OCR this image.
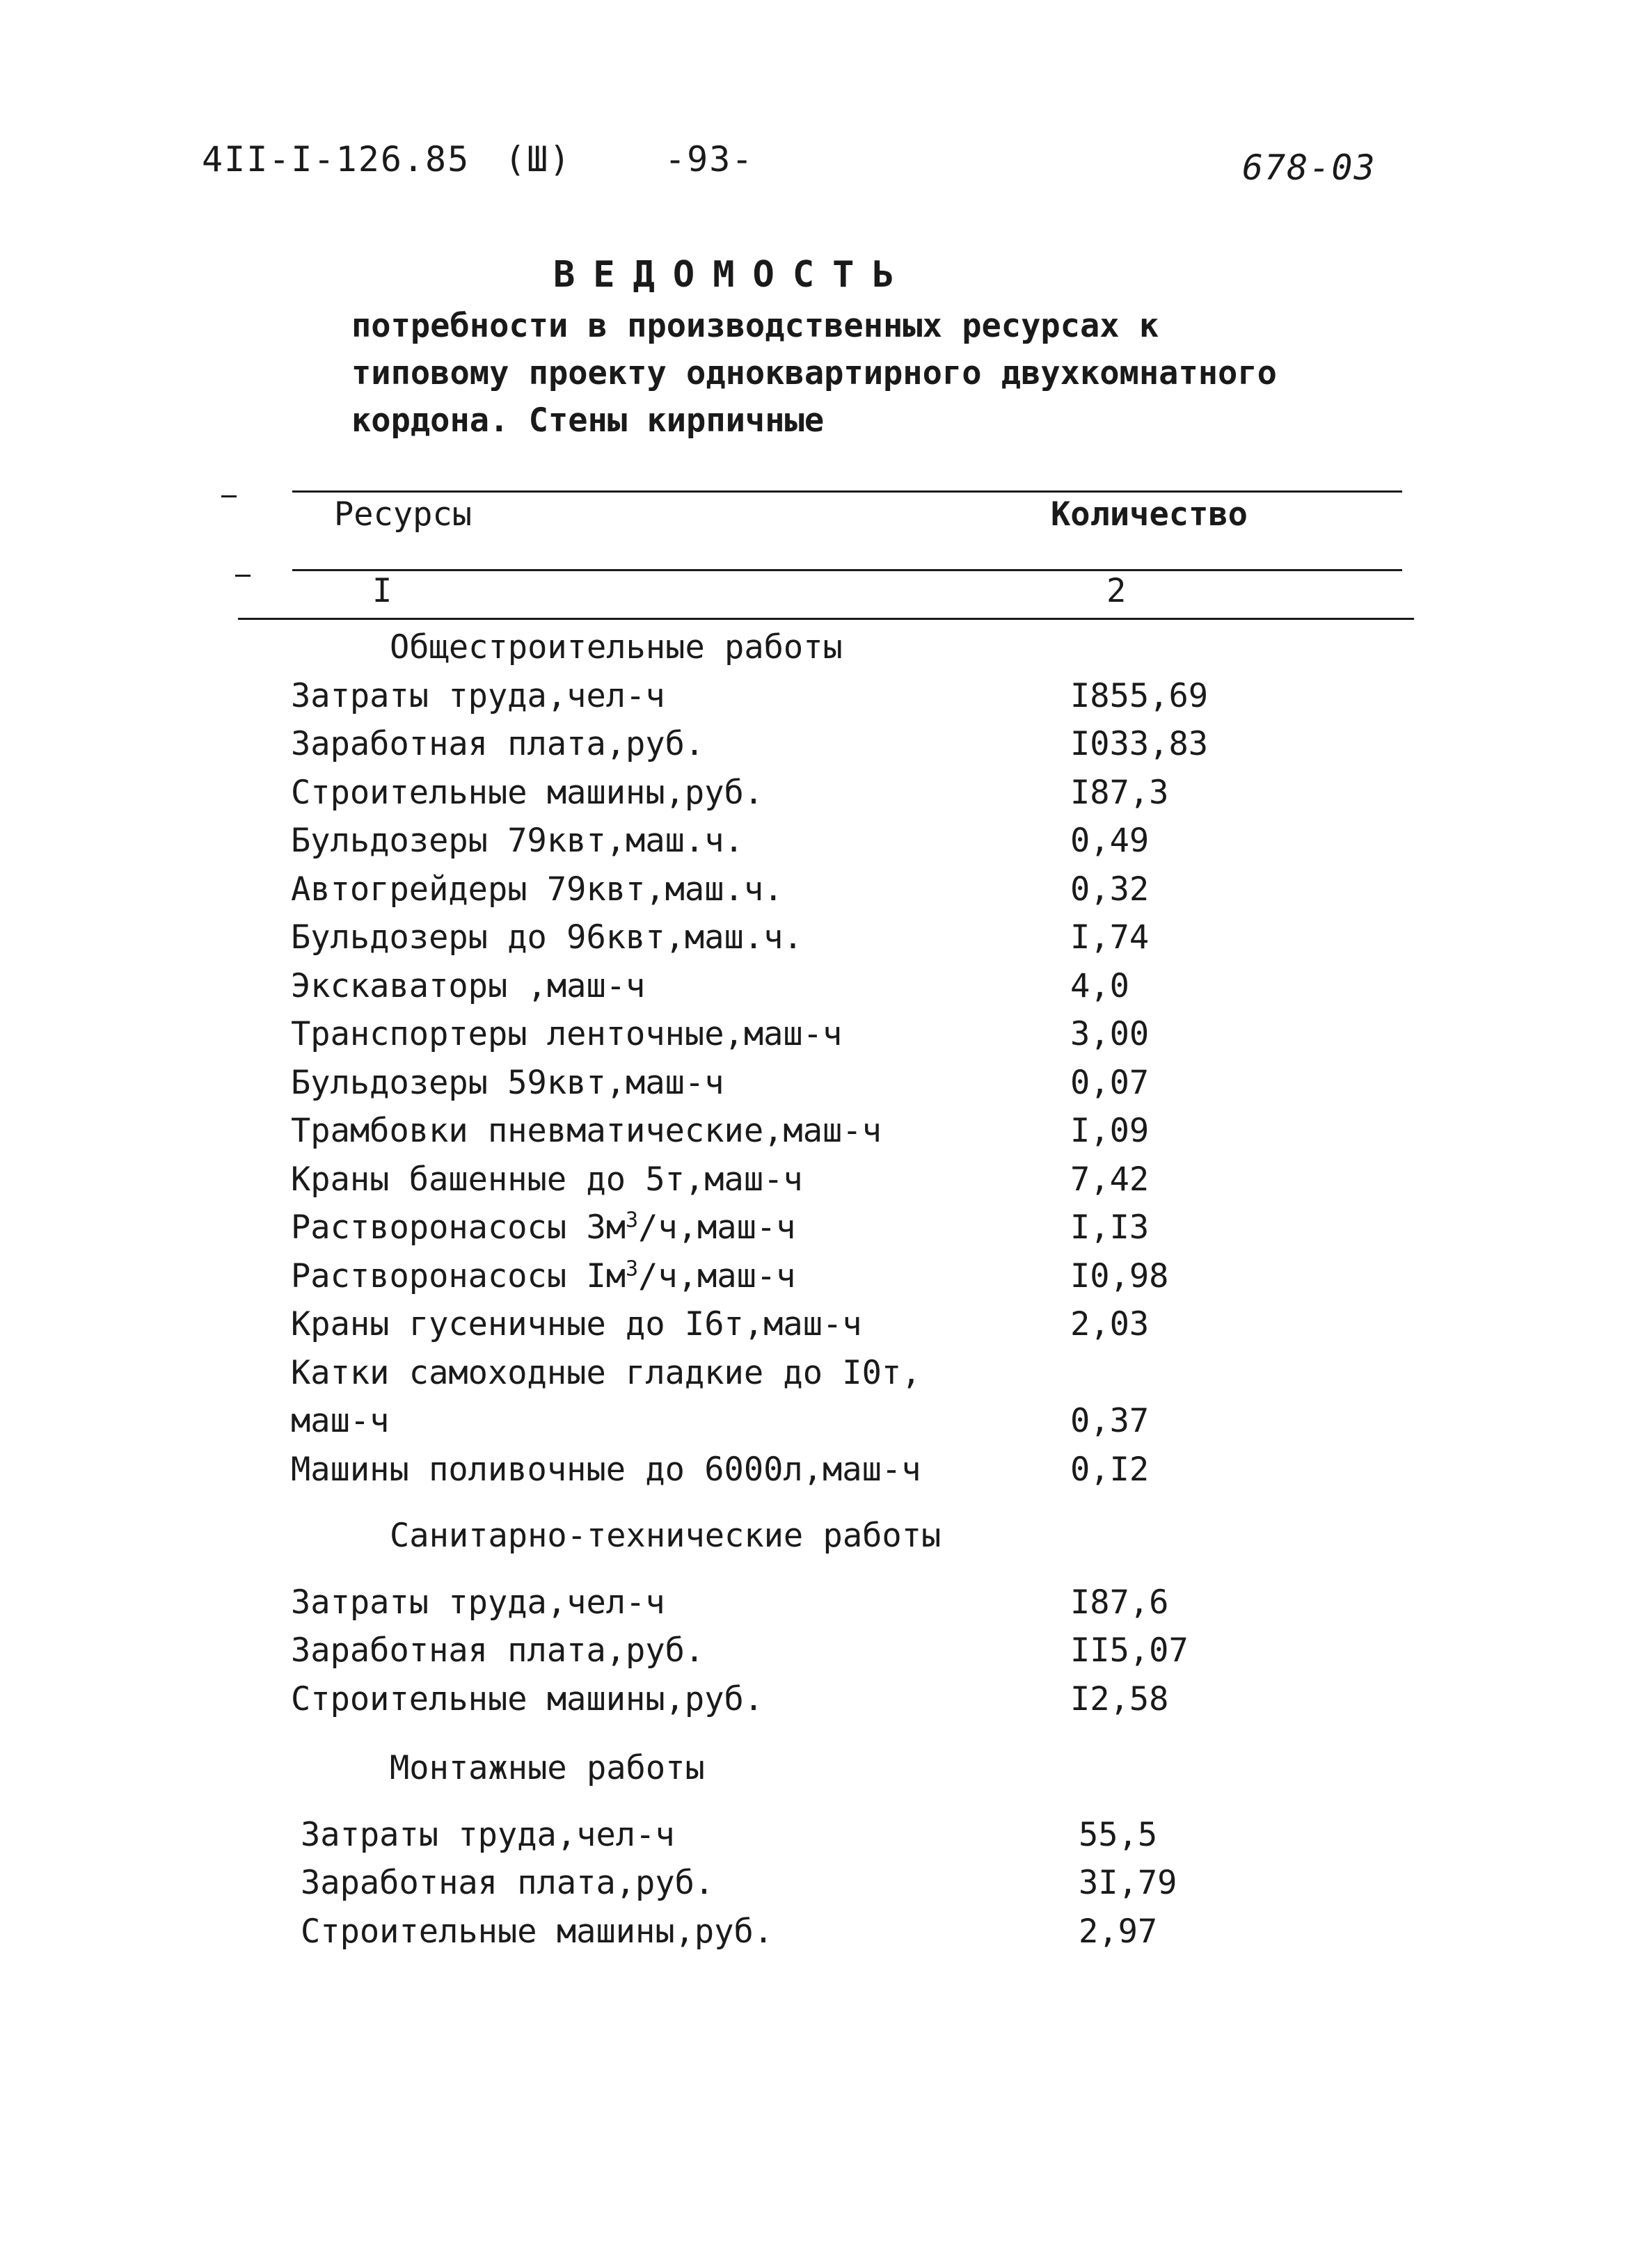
4II-I-126.85 (Ш)	-93-	678-03
ВЕДОМОСТЬ
потребности в производственных ресурсах к
типовому проекту одноквартирного двухкомнатного
кордона. Стены кирпичные
Ресурсы	Количество
I	2
Общестроительные работы
Затраты труда,чел-ч	I855,69
Заработная плата,руб.	I033,83
Строительные машины,руб.	I87,3
Бульдозеры 79квт,маш.ч.	0,49
Автогрейдеры 79квт,маш.ч.	0,32
Бульдозеры до 96квт,маш.ч.	I,74
Экскаваторы ,маш-ч	4,0
Транспортеры ленточные,маш-ч	3,00
Бульдозеры 59квт,маш-ч	0,07
Трамбовки пневматические,маш-ч	I,09
Краны башенные до 5т,маш-ч	7,42
Растворонасосы $3м^3/ч,маш-ч$	I,I3
Растворонасосы $Iм^3/ч,маш-ч$	I0,98
Краны гусеничные до I6т,маш-ч	2,03
Катки самоходные гладкие до I0т,
маш-ч	0,37
Машины поливочные до 6000л,маш-ч	0,I2
Санитарно-технические работы
Затраты труда,чел-ч	I87,6
Заработная плата,руб.	II5,07
Строительные машины,руб.	I2,58
Монтажные работы
Затраты труда,чел-ч	55,5
Заработная плата,руб.	3I,79
Строительные машины,руб.	2,97
